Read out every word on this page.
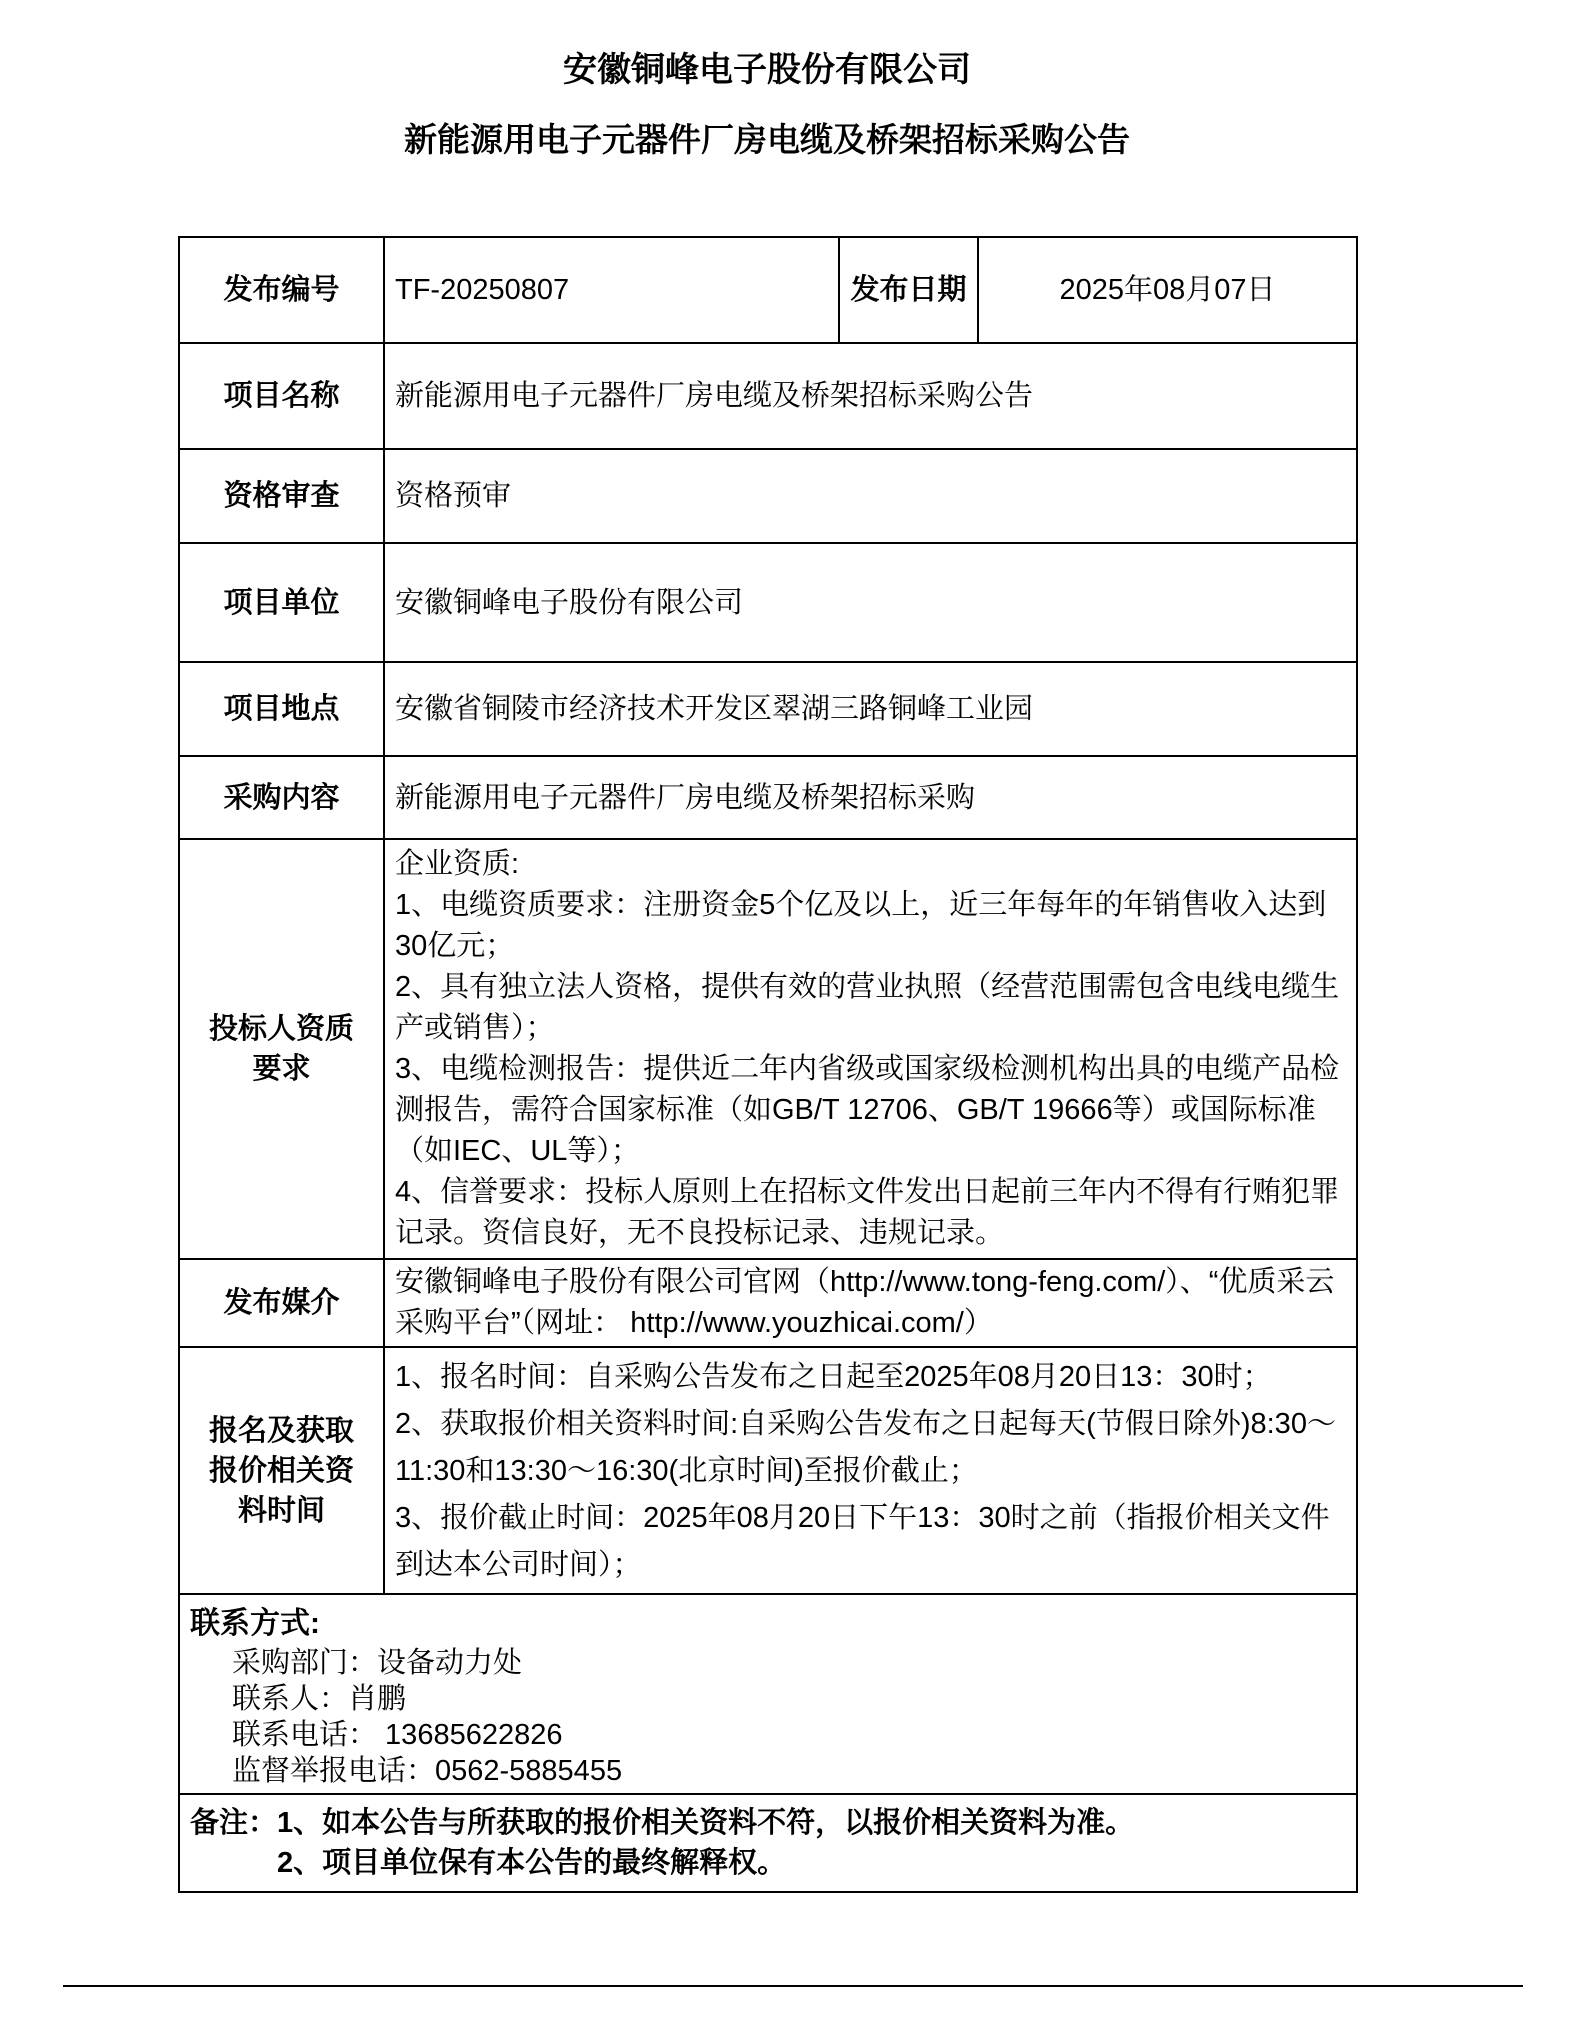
安徽铜峰电子股份有限公司
新能源用电子元器件厂房电缆及桥架招标采购公告
发布编号	TF-20250807	发布日期	2025年08月07日
项目名称	新能源用电子元器件厂房电缆及桥架招标采购公告		
资格审查	资格预审		
项目单位	安徽铜峰电子股份有限公司		
项目地点	安徽省铜陵市经济技术开发区翠湖三路铜峰工业园		
采购内容	新能源用电子元器件厂房电缆及桥架招标采购		

投标人资质要求	企业资质:
1、电缆资质要求：注册资金5个亿及以上，近三年每年的年销售收入达到30亿元；
2、具有独立法人资格，提供有效的营业执照（经营范围需包含电线电缆生产或销售）；
3、电缆检测报告：提供近二年内省级或国家级检测机构出具的电缆产品检测报告，需符合国家标准（如GB/T 12706、GB/T 19666等）或国际标准（如IEC、UL等）；
4、信誉要求：投标人原则上在招标文件发出日起前三年内不得有行贿犯罪记录。资信良好，无不良投标记录、违规记录。		

发布媒介	安徽铜峰电子股份有限公司官网（http://www.tong-feng.com/）、“优质采云采购平台”（网址： http://www.youzhicai.com/）		

报名及获取报价相关资料时间	1、报名时间：自采购公告发布之日起至2025年08月20日13：30时；
2、获取报价相关资料时间:自采购公告发布之日起每天(节假日除外)8:30～11:30和13:30～16:30(北京时间)至报价截止；
3、报价截止时间：2025年08月20日下午13：30时之前（指报价相关文件到达本公司时间）；		

联系方式:
采购部门：设备动力处
联系人：肖鹏
联系电话： 13685622826
监督举报电话：0562-5885455			

备注： 1、如本公告与所获取的报价相关资料不符，以报价相关资料为准。
2、项目单位保有本公告的最终解释权。			
